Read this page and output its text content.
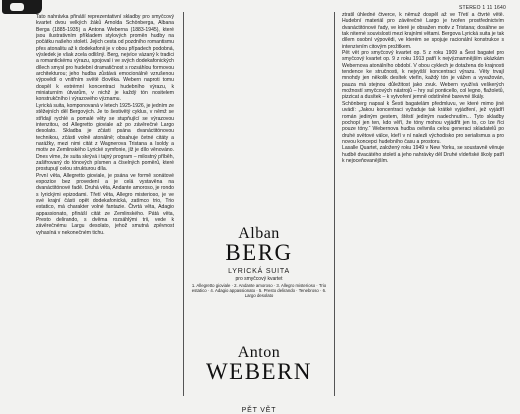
STEREO 1 11 1640

Tato nahrávka přináší reprezentativní skladby pro smyčcový kvartet dvou velkých žáků Arnolda Schönberga, Albana Berga (1885-1935) a Antona Weberna (1883-1945), které jsou ilustrativním příkladem stylových proměn hudby na počátku našeho století. Jejich cesta od pozdního romantismu přes atonalitu až k dodekafonii je v obou případech podobná, výsledek je však zcela odlišný. Berg, nejvíce vázaný k tradici a romantickému výrazu, spojoval i ve svých dodekafonických dílech smysl pro hudební dramatičnost s rozsáhlou formovou architekturou; jeho hudba zůstává emocionálně vzrušenou výpovědí o vnitřním světě člověka. Webern naproti tomu dospěl k extrémní koncentraci hudebního výrazu, k miniaturním útvarům, v nichž je každý tón nositelem konstrukčního i výrazového významu.

Lyrická suita, komponovaná v letech 1925-1926, je jedním ze stěžejních děl Bergových. Je to šestivětý cyklus, v němž se střídají rychlé a pomalé věty se stupňující se výrazovou intenzitou, od Allegretto gioviale až po závěrečné Largo desolato. Skladba je zčásti psána dvanáctitónovou technikou, zčásti volně atonálně; obsahuje četné citáty a narážky, mezi nimi citát z Wagnerova Tristana a Isoldy a motiv ze Zemlinského Lyrické symfonie, jíž je dílo věnováno. Dnes víme, že suita skrývá i tajný program – milostný příběh, zašifrovaný do tónových písmen a číselných poměrů, které prostupují celou strukturou díla.

První věta, Allegretto gioviale, je psána ve formě sonátové expozice bez provedení a je celá vystavěna na dvanáctitónové řadě. Druhá věta, Andante amoroso, je rondo s lyrickými epizodami. Třetí věta, Allegro misterioso, je ve své krajní části opět dodekafonická, zatímco trio, Trio estatico, má charakter volné fantazie. Čtvrtá věta, Adagio appassionato, přináší citát ze Zemlinského. Pátá věta, Presto delirando, s dvěma rozsáhlými trii, vede k závěrečnému Largu desolato, jehož smutná zpěvnost vyhasíná v nekonečném tichu.	Alban
BERG
LYRICKÁ SUITA
pro smyčcový kvartet

1. Allegretto gioviale · 2. Andante amoroso · 3. Allegro misterioso · Trio estatico · 4. Adagio appassionato · 5. Presto delirando · Tenebroso · 6. Largo desolato

Anton
WEBERN
PĚT VĚT

ztratil úhledné čtverce, k němuž dospěl až ve Třetí a čtvrté větě. Hudební materiál pro závěrečné Largo je tvořen prostřednictvím dvanáctitónové řady, ve které je obsažen motiv z Tristana; dosáhne se tak niterné souvislosti mezi krajními větami. Bergova Lyrická suita je tak dílem osobní výpovědi, ve kterém se spojuje racionální konstrukce s intenzivním citovým prožitkem.

Pět vět pro smyčcový kvartet op. 5 z roku 1909 a Šest bagatel pro smyčcový kvartet op. 9 z roku 1913 patří k nejvýznamnějším ukázkám Webernova atonálního období. V obou cyklech je dotažena do krajnosti tendence ke stručnosti, k nejvyšší koncentraci výrazu. Věty trvají mnohdy jen několik desítek vteřin, každý tón je vážen a vyvažován, pauza má stejnou důležitost jako zvuk. Webern využívá veškerých možností smyčcových nástrojů – hry sul ponticello, col legno, flažoletů, pizzicat a dusítek – k vytvoření jemně odstíněné barevné škály.

Schönberg napsal k Šesti bagatelám předmluvu, ve které mimo jiné uvádí: „Jakou koncentraci vyžaduje tak krátké vyjádření, jež vyjádří román jediným gestem, štěstí jediným nadechnutím... Tyto skladby pochopí jen ten, kdo věří, že tóny mohou vyjádřit jen to, co lze říci pouze tóny.“ Webernova hudba ovlivnila celou generaci skladatelů po druhé světové válce, kteří v ní nalezli východisko pro serialismus a pro novou koncepci hudebního času a prostoru.

Lasalle Quartet, založený roku 1949 v New Yorku, se soustavně věnuje hudbě dvacátého století a jeho nahrávky děl Druhé vídeňské školy patří k nejoceňovanějším.
